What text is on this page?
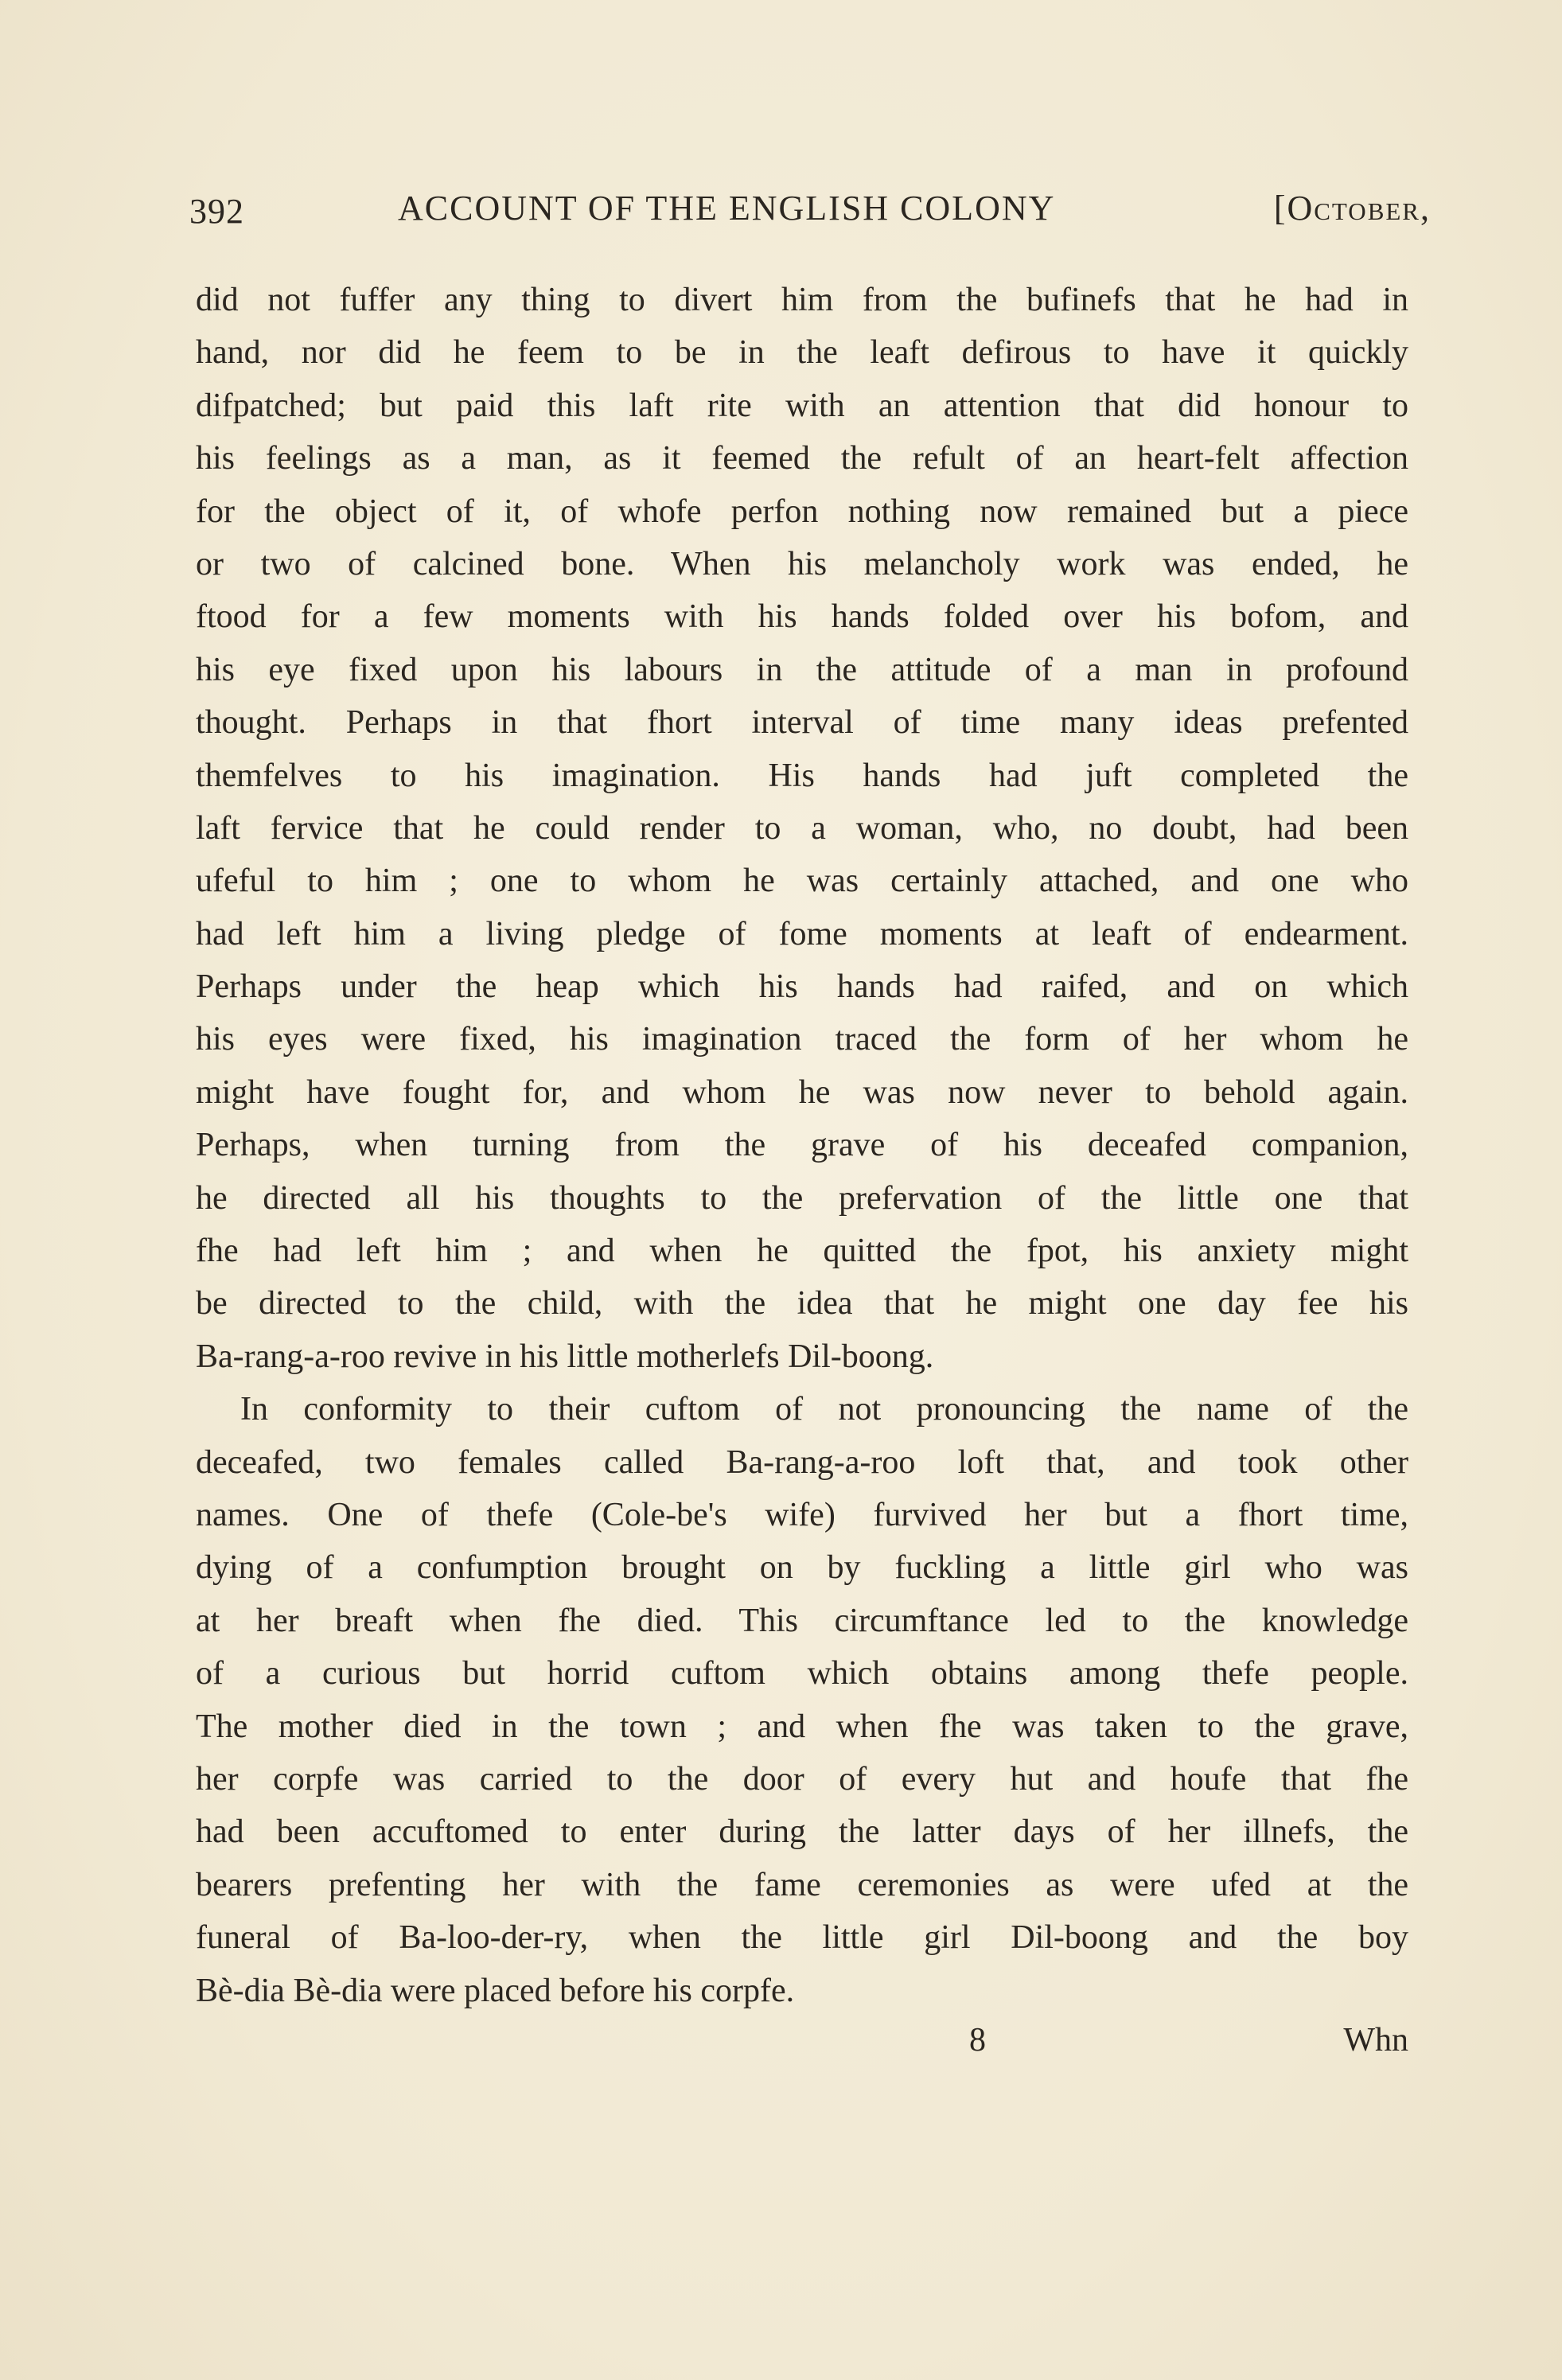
392	ACCOUNT OF THE ENGLISH COLONY	[October,
did not fuffer any thing to divert him from the bufinefs that he had in
hand, nor did he feem to be in the leaft defirous to have it quickly
difpatched; but paid this laft rite with an attention that did honour to
his feelings as a man, as it feemed the refult of an heart-felt affection
for the object of it, of whofe perfon nothing now remained but a piece
or two of calcined bone. When his melancholy work was ended, he
ftood for a few moments with his hands folded over his bofom, and
his eye fixed upon his labours in the attitude of a man in profound
thought. Perhaps in that fhort interval of time many ideas prefented
themfelves to his imagination. His hands had juft completed the
laft fervice that he could render to a woman, who, no doubt, had been
ufeful to him ; one to whom he was certainly attached, and one who
had left him a living pledge of fome moments at leaft of endearment.
Perhaps under the heap which his hands had raifed, and on which
his eyes were fixed, his imagination traced the form of her whom he
might have fought for, and whom he was now never to behold again.
Perhaps, when turning from the grave of his deceafed companion,
he directed all his thoughts to the prefervation of the little one that
fhe had left him ; and when he quitted the fpot, his anxiety might
be directed to the child, with the idea that he might one day fee his
Ba-rang-a-roo revive in his little motherlefs Dil-boong.
In conformity to their cuftom of not pronouncing the name of the
deceafed, two females called Ba-rang-a-roo loft that, and took other
names. One of thefe (Cole-be's wife) furvived her but a fhort time,
dying of a confumption brought on by fuckling a little girl who was
at her breaft when fhe died. This circumftance led to the knowledge
of a curious but horrid cuftom which obtains among thefe people.
The mother died in the town ; and when fhe was taken to the grave,
her corpfe was carried to the door of every hut and houfe that fhe
had been accuftomed to enter during the latter days of her illnefs, the
bearers prefenting her with the fame ceremonies as were ufed at the
funeral of Ba-loo-der-ry, when the little girl Dil-boong and the boy
Bè-dia Bè-dia were placed before his corpfe.
8	Whn
